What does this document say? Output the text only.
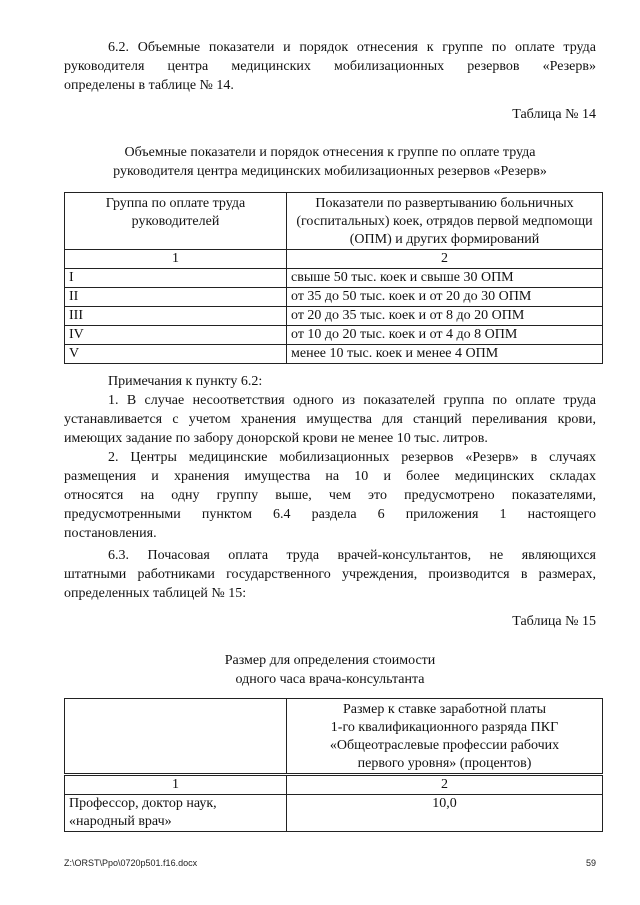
6.2. Объемные показатели и порядок отнесения к группе по оплате труда
руководителя центра медицинских мобилизационных резервов «Резерв»
определены в таблице № 14.

Таблица № 14
Объемные показатели и порядок отнесения к группе по оплате труда
руководителя центра медицинских мобилизационных резервов «Резерв»
Группа по оплате труда руководителей	Показатели по развертыванию больничных (госпитальных) коек, отрядов первой медпомощи (ОПМ) и других формирований
1	2
I	свыше 50 тыс. коек и свыше 30 ОПМ
II	от 35 до 50 тыс. коек и от 20 до 30 ОПМ
III	от 20 до 35 тыс. коек и от 8 до 20 ОПМ
IV	от 10 до 20 тыс. коек и от 4 до 8 ОПМ
V	менее 10 тыс. коек и менее 4 ОПМ

Примечания к пункту 6.2:

1. В случае несоответствия одного из показателей группа по оплате труда
устанавливается с учетом хранения имущества для станций переливания крови,
имеющих задание по забору донорской крови не менее 10 тыс. литров.

2. Центры медицинские мобилизационных резервов «Резерв» в случаях
размещения и хранения имущества на 10 и более медицинских складах
относятся на одну группу выше, чем это предусмотрено показателями,
предусмотренными пунктом 6.4 раздела 6 приложения 1 настоящего
постановления.

6.3. Почасовая оплата труда врачей-консультантов, не являющихся
штатными работниками государственного учреждения, производится в размерах,
определенных таблицей № 15:

Таблица № 15
Размер для определения стоимости
одного часа врача-консультанта

	Размер к ставке заработной платы
1-го квалификационного разряда ПКГ
«Общеотраслевые профессии рабочих
первого уровня» (процентов)

1	2

Профессор, доктор наук,
«народный врач»	10,0
Z:\ORST\Ppo\0720p501.f16.docx	59
